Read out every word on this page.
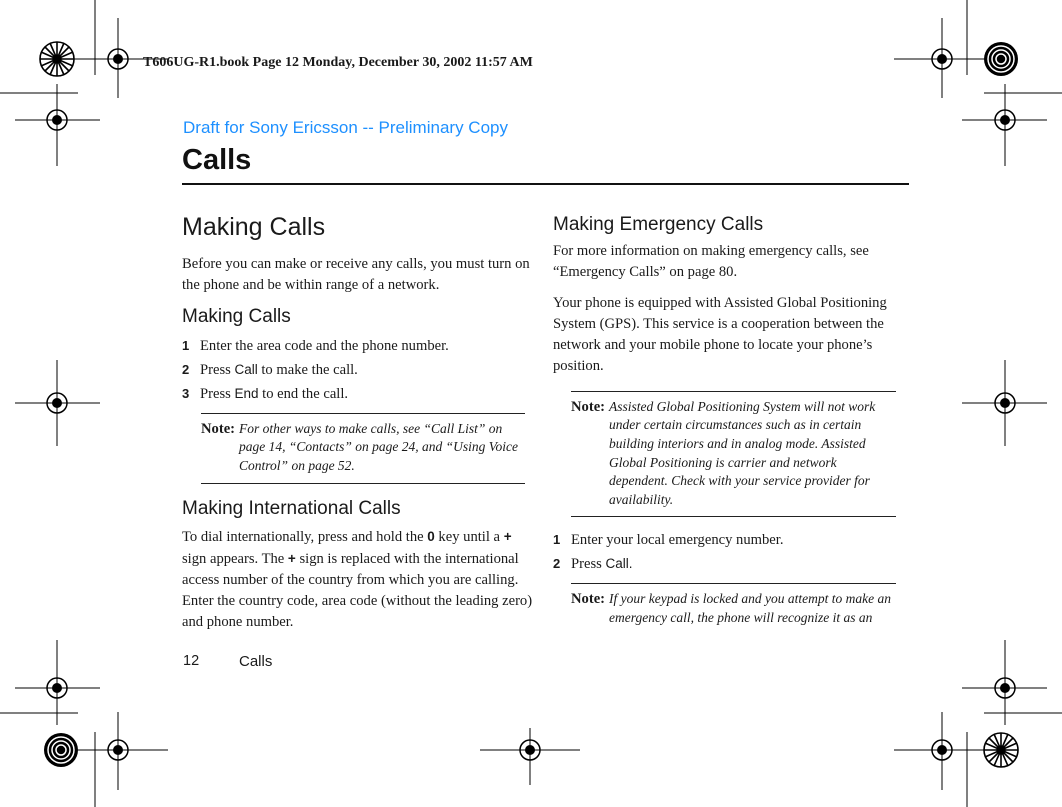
T606UG-R1.book Page 12 Monday, December 30, 2002 11:57 AM
Draft for Sony Ericsson -- Preliminary Copy
Calls
Making Calls

Before you can make or receive any calls, you must turn on the phone and be within range of a network.

Making Calls
1 Enter the area code and the phone number.
2 Press Call to make the call.
3 Press End to end the call.
Note: For other ways to make calls, see “Call List” on page 14, “Contacts” on page 24, and “Using Voice Control” on page 52.
Making International Calls

To dial internationally, press and hold the 0 key until a + sign appears. The + sign is replaced with the international access number of the country from which you are calling. Enter the country code, area code (without the leading zero) and phone number.

Making Emergency Calls

For more information on making emergency calls, see “Emergency Calls” on page 80.

Your phone is equipped with Assisted Global Positioning System (GPS). This service is a cooperation between the network and your mobile phone to locate your phone’s position.

Note: Assisted Global Positioning System will not work under certain circumstances such as in certain building interiors and in analog mode. Assisted Global Positioning is carrier and network dependent. Check with your service provider for availability.
1 Enter your local emergency number.
2 Press Call.
Note: If your keypad is locked and you attempt to make an emergency call, the phone will recognize it as an
12	Calls
